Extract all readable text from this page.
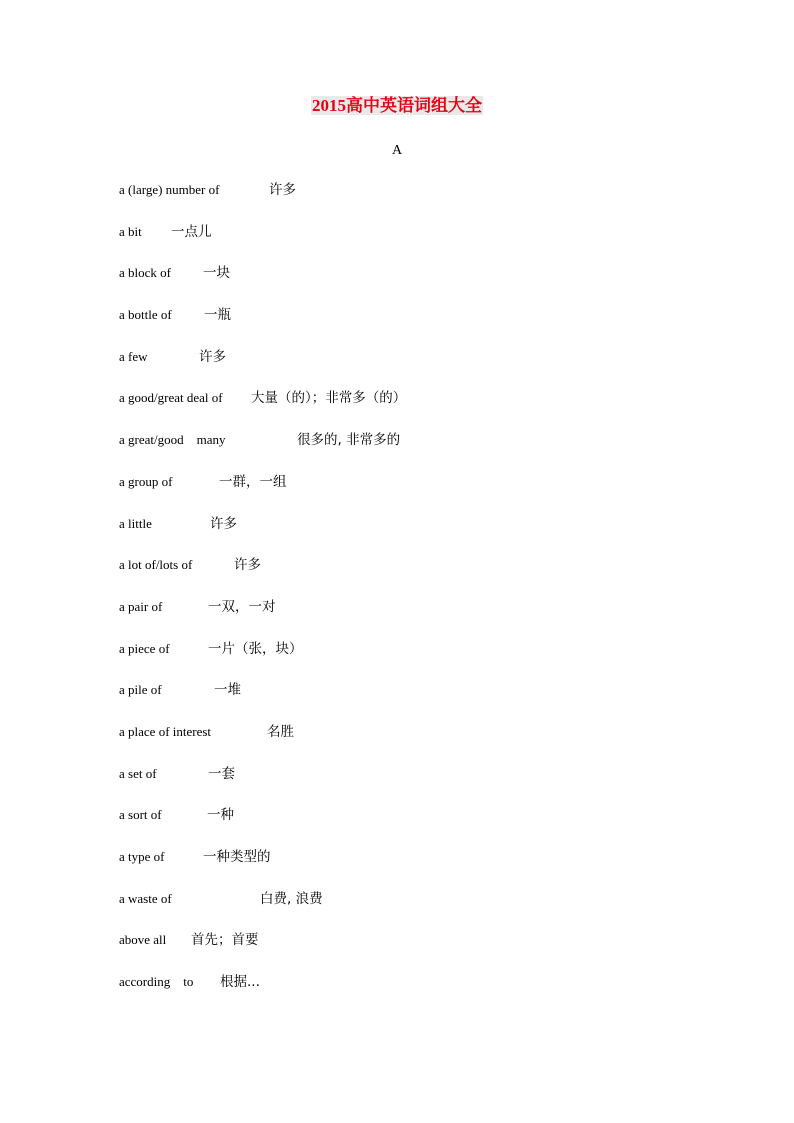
2015高中英语词组大全
A
a (large) number of	许多
a bit 一点儿
a block of 一块
a bottle of 一瓶
a few	许多
a good/great deal of 大量（的）；非常多（的）
a great/good    many	很多的, 非常多的
a group of	一群，一组
a little	许多
a lot of/lots of	许多
a pair of	一双，一对
a piece of	一片（张，块）
a pile of	一堆
a place of interest	名胜
a set of	一套
a sort of	一种
a type of	一种类型的
a waste of	白费, 浪费
above all 首先；首要
according    to 根据...
